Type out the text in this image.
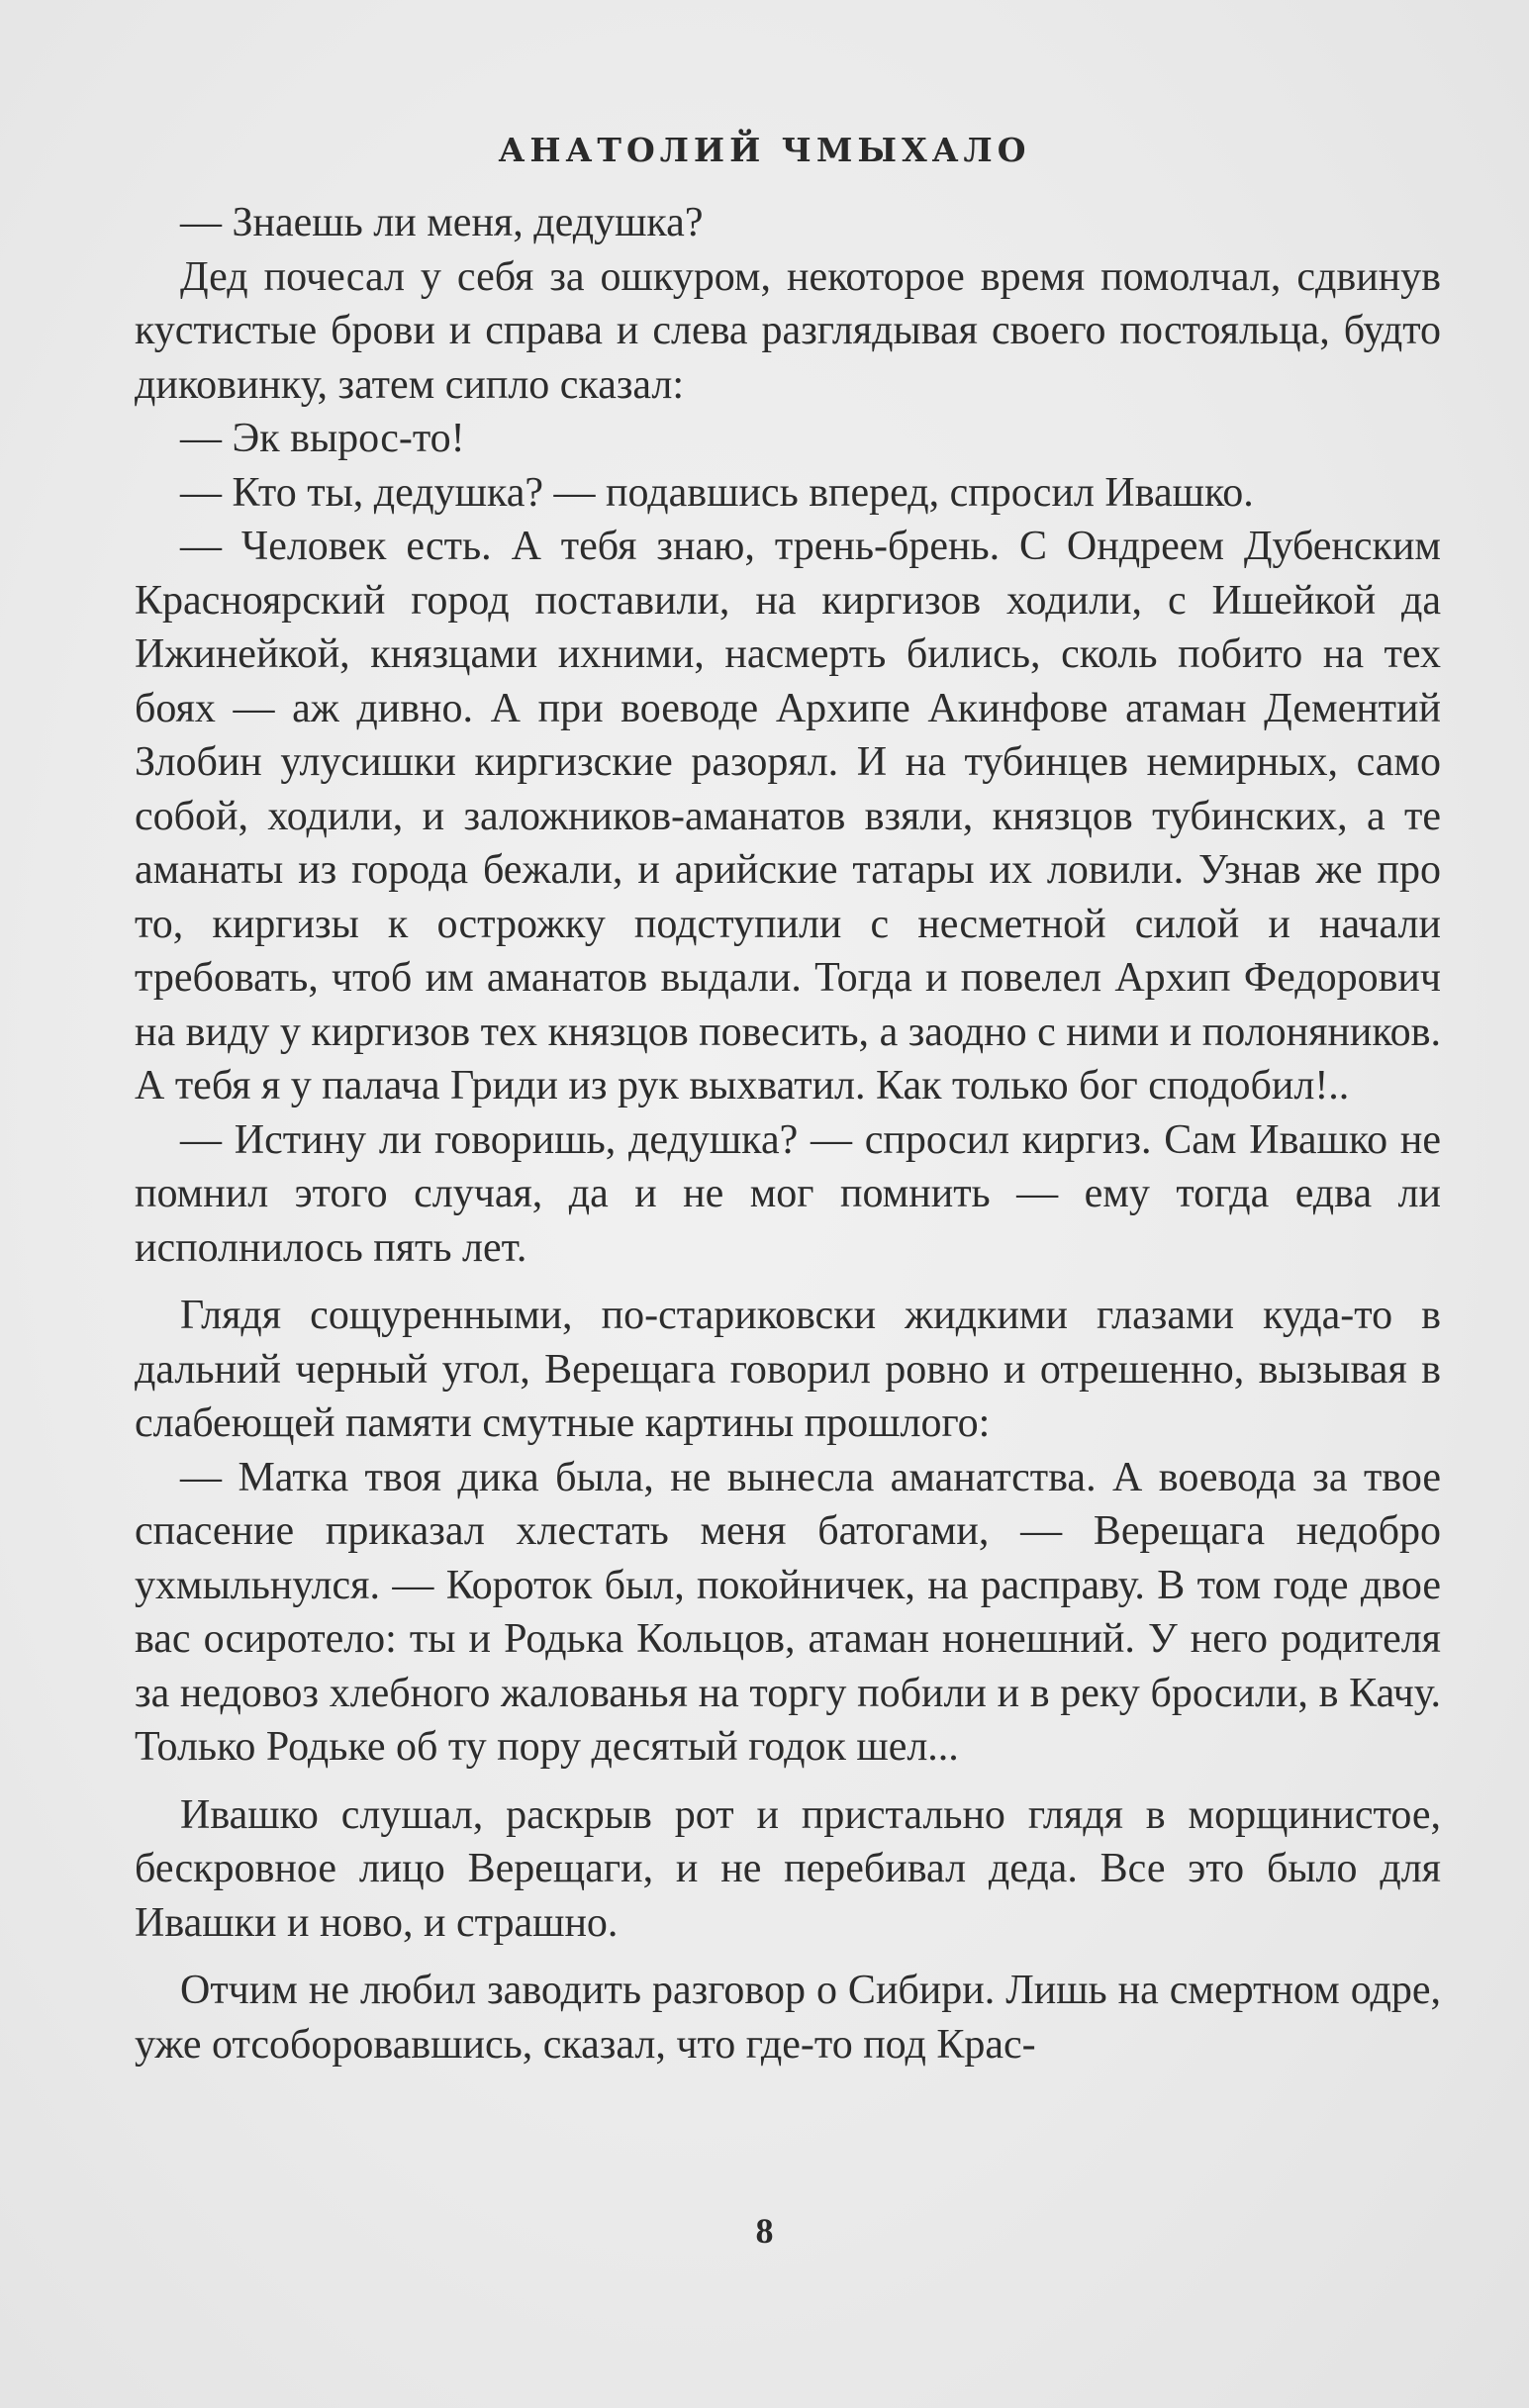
АНАТОЛИЙ ЧМЫХАЛО

— Знаешь ли меня, дедушка?

Дед почесал у себя за ошкуром, некоторое время помолчал, сдвинув кустистые брови и справа и слева разглядывая своего постояльца, будто диковинку, затем сипло сказал:

— Эк вырос-то!

— Кто ты, дедушка? — подавшись вперед, спросил Ивашко.

— Человек есть. А тебя знаю, трень-брень. С Ондреем Дубенским Красноярский город поставили, на киргизов ходили, с Ишейкой да Ижинейкой, князцами ихними, насмерть бились, сколь побито на тех боях — аж дивно. А при воеводе Архипе Акинфове атаман Дементий Злобин улусишки киргизские разорял. И на тубинцев немирных, само собой, ходили, и заложников-аманатов взяли, князцов тубинских, а те аманаты из города бежали, и арийские татары их ловили. Узнав же про то, киргизы к острожку подступили с несметной силой и начали требовать, чтоб им аманатов выдали. Тогда и повелел Архип Федорович на виду у киргизов тех князцов повесить, а заодно с ними и полоняников. А тебя я у палача Гриди из рук выхватил. Как только бог сподобил!..

— Истину ли говоришь, дедушка? — спросил киргиз. Сам Ивашко не помнил этого случая, да и не мог помнить — ему тогда едва ли исполнилось пять лет.

Глядя сощуренными, по-стариковски жидкими глазами куда-то в дальний черный угол, Верещага говорил ровно и отрешенно, вызывая в слабеющей памяти смутные картины прошлого:

— Матка твоя дика была, не вынесла аманатства. А воевода за твое спасение приказал хлестать меня батогами, — Верещага недобро ухмыльнулся. — Короток был, покойничек, на расправу. В том годе двое вас осиротело: ты и Родька Кольцов, атаман нонешний. У него родителя за недовоз хлебного жалованья на торгу побили и в реку бросили, в Качу. Только Родьке об ту пору десятый годок шел...

Ивашко слушал, раскрыв рот и пристально глядя в морщинистое, бескровное лицо Верещаги, и не перебивал деда. Все это было для Ивашки и ново, и страшно.

Отчим не любил заводить разговор о Сибири. Лишь на смертном одре, уже отсоборовавшись, сказал, что где-то под Крас-

8
